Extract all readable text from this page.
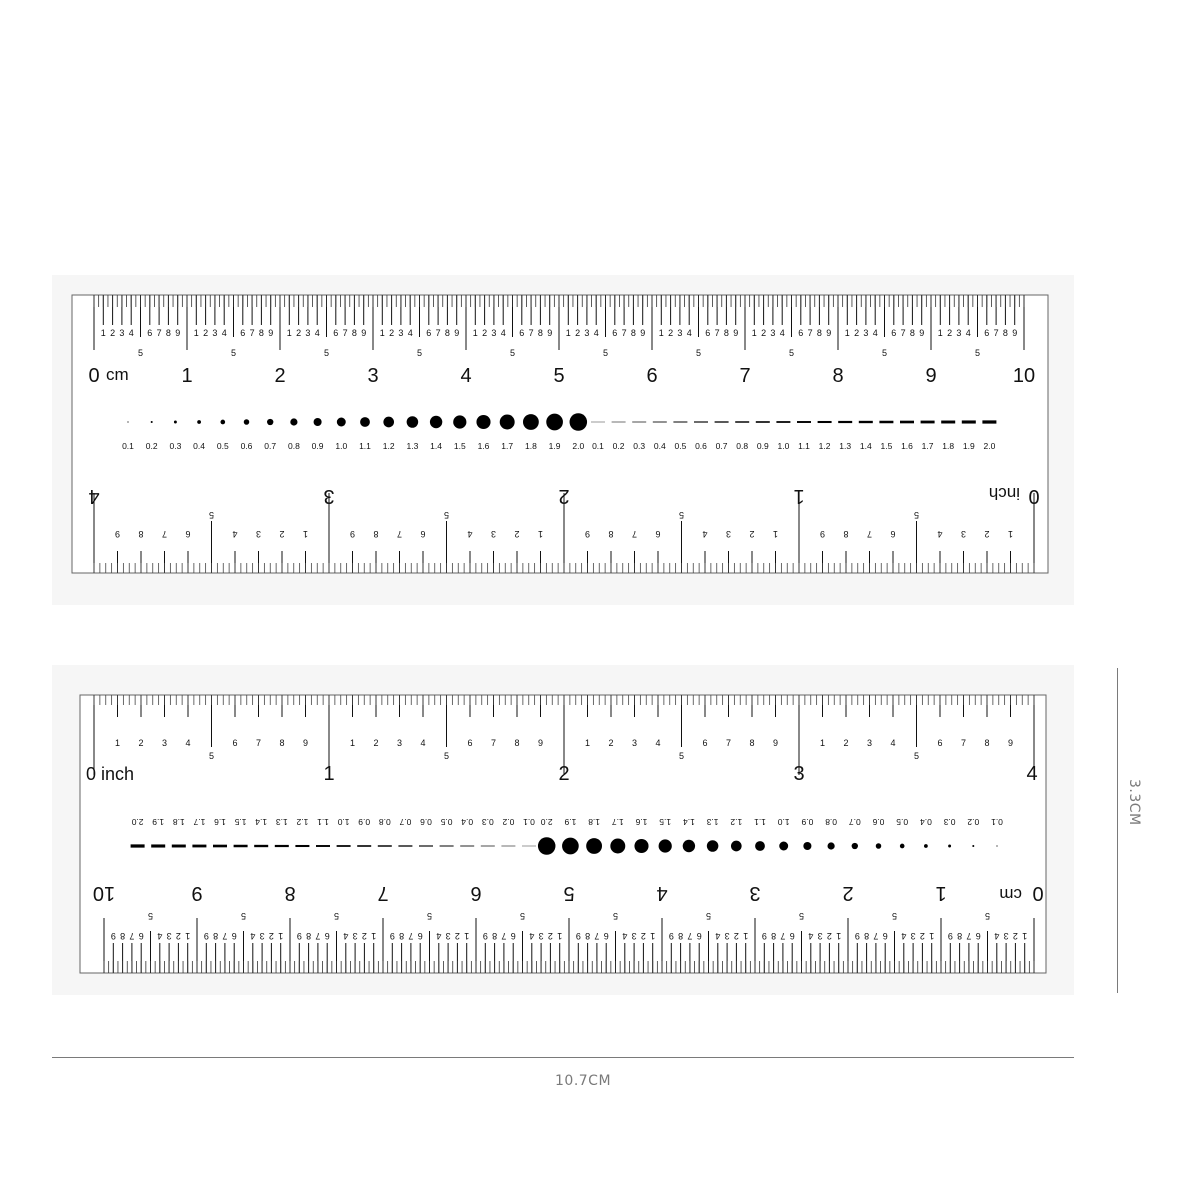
1 2 3 4 6 7 8 9
5
1 2 3 4 6 7 8 9
5
1 2 3 4 6 7 8 9
5
1 2 3 4 6 7 8 9
5
1 2 3 4 6 7 8 9
5
1 2 3 4 6 7 8 9
5
1 2 3 4 6 7 8 9
5
1 2 3 4 6 7 8 9
5
1 2 3 4 6 7 8 9
5
1 2 3 4 6 7 8 9
5
0	1	2	3	4	5	6	7	8	9	10
cm
0.1 0.2 0.3 0.4 0.5 0.6 0.7 0.8 0.9 1.0 1.1 1.2 1.3 1.4 1.5 1.6 1.7 1.8 1.9 2.0 0.1 0.2 0.3 0.4 0.5 0.6 0.7 0.8 0.9 1.0 1.1 1.2 1.3 1.4 1.5 1.6 1.7 1.8 1.9 2.0
1
2
3
4
5
6
7
8
9
1
2
3
4
5
6
7
8
9
1
2
3
4
5
6
7
8
9
1
2
3
4
5
6
7
8
9
0
1
2
3
4	inch
1 2 3 4
5
6 7 8 9	1 2 3 4
5
6 7 8 9	1 2 3 4
5
6 7 8 9	1 2 3 4
5
6 7 8 9
1	2	3	4
0 inch
0.1
0.2
0.3
0.4
0.5
0.6
0.7
0.8
0.9
1.0
1.1
1.2
1.3
1.4
1.5
1.6
1.7
1.8
1.9
2.0	0.1
0.2
0.3
0.4
0.5
0.6
0.7
0.8
0.9
1.0
1.1
1.2
1.3
1.4
1.5
1.6
1.7
1.8
1.9
2.0
1
2
3
4
6
7
8
9
5
1
2
3
4
6
7
8
9
5
1
2
3
4
6
7
8
9
5
1
2
3
4
6
7
8
9
5
1
2
3
4
6
7
8
9
5
1
2
3
4
6
7
8
9
5
1
2
3
4
6
7
8
9
5
1
2
3
4
6
7
8
9
5
1
2
3
4
6
7
8
9
5
1
2
3
4
6
7
8
9
5
1
2
3
4
5
6
7
8
9
10	0
cm
10.7CM
3.3CM
